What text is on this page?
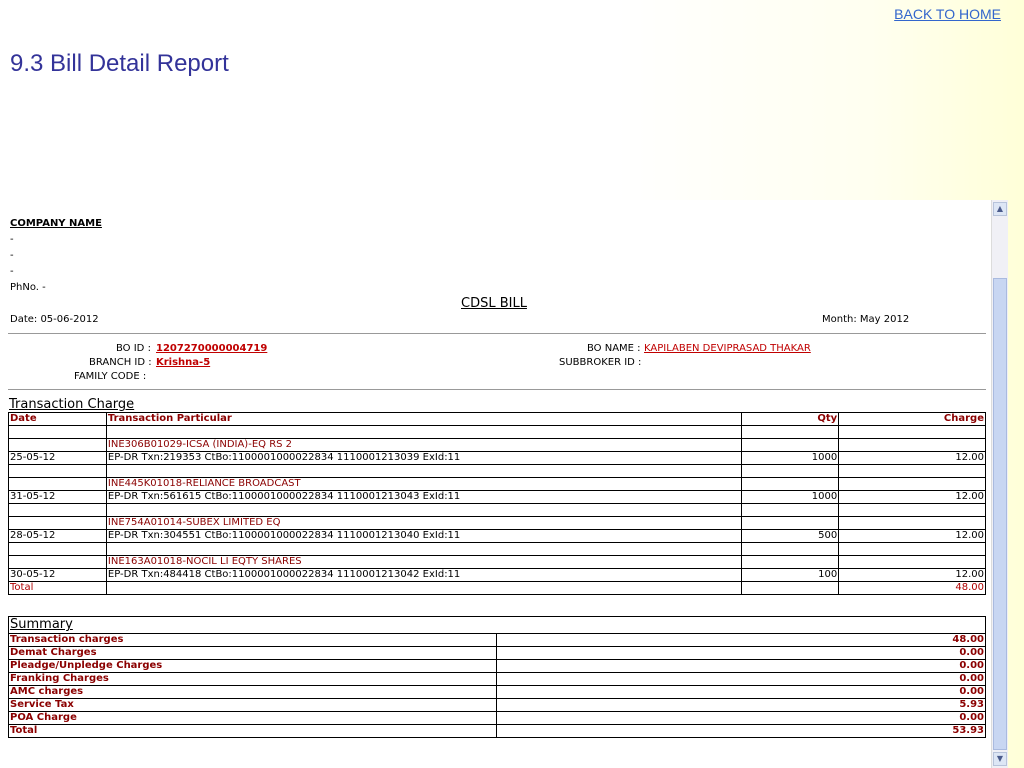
BACK TO HOME
9.3 Bill Detail Report
COMPANY NAME
-
-
-
PhNo. -
CDSL BILL
Date: 05-06-2012	Month: May 2012
BO ID : 1207270000004719
BRANCH ID : Krishna-5
FAMILY CODE :
BO NAME : KAPILABEN DEVIPRASAD THAKAR
SUBBROKER ID :
Transaction Charge
Date	Transaction Particular	Qty	Charge

	INE306B01029-ICSA (INDIA)-EQ RS 2		
25-05-12	EP-DR Txn:219353 CtBo:1100001000022834 1110001213039 ExId:11	1000	12.00

	INE445K01018-RELIANCE BROADCAST		
31-05-12	EP-DR Txn:561615 CtBo:1100001000022834 1110001213043 ExId:11	1000	12.00

	INE754A01014-SUBEX LIMITED EQ		
28-05-12	EP-DR Txn:304551 CtBo:1100001000022834 1110001213040 ExId:11	500	12.00

	INE163A01018-NOCIL LI EQTY SHARES		
30-05-12	EP-DR Txn:484418 CtBo:1100001000022834 1110001213042 ExId:11	100	12.00
Total			48.00
Summary	
Transaction charges	48.00
Demat Charges	0.00
Pleadge/Unpledge Charges	0.00
Franking Charges	0.00
AMC charges	0.00
Service Tax	5.93
POA Charge	0.00
Total	53.93
▲
▼
